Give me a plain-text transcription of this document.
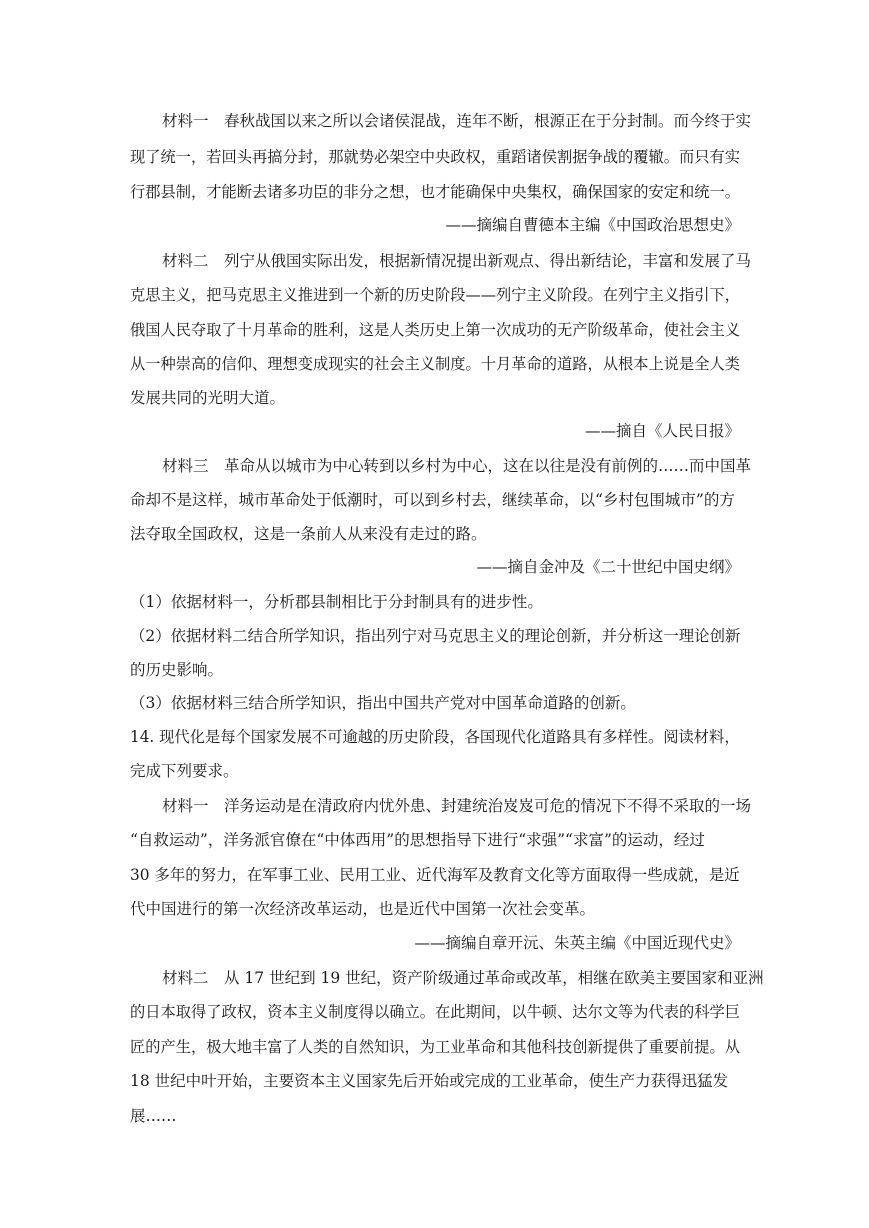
材料一　春秋战国以来之所以会诸侯混战，连年不断，根源正在于分封制。而今终于实
现了统一，若回头再搞分封，那就势必架空中央政权，重蹈诸侯割据争战的覆辙。而只有实
行郡县制，才能断去诸多功臣的非分之想，也才能确保中央集权，确保国家的安定和统一。
——摘编自曹德本主编《中国政治思想史》
材料二　列宁从俄国实际出发，根据新情况提出新观点、得出新结论，丰富和发展了马
克思主义，把马克思主义推进到一个新的历史阶段——列宁主义阶段。在列宁主义指引下，
俄国人民夺取了十月革命的胜利，这是人类历史上第一次成功的无产阶级革命，使社会主义
从一种崇高的信仰、理想变成现实的社会主义制度。十月革命的道路，从根本上说是全人类
发展共同的光明大道。
——摘自《人民日报》
材料三　革命从以城市为中心转到以乡村为中心，这在以往是没有前例的……而中国革
命却不是这样，城市革命处于低潮时，可以到乡村去，继续革命，以“乡村包围城市”的方
法夺取全国政权，这是一条前人从来没有走过的路。
——摘自金冲及《二十世纪中国史纲》
（1）依据材料一，分析郡县制相比于分封制具有的进步性。
（2）依据材料二结合所学知识，指出列宁对马克思主义的理论创新，并分析这一理论创新
的历史影响。
（3）依据材料三结合所学知识，指出中国共产党对中国革命道路的创新。
14. 现代化是每个国家发展不可逾越的历史阶段，各国现代化道路具有多样性。阅读材料，
完成下列要求。
材料一　洋务运动是在清政府内忧外患、封建统治岌岌可危的情况下不得不采取的一场
“自救运动”，洋务派官僚在“中体西用”的思想指导下进行“求强”“求富”的运动，经过
30 多年的努力，在军事工业、民用工业、近代海军及教育文化等方面取得一些成就，是近
代中国进行的第一次经济改革运动，也是近代中国第一次社会变革。
——摘编自章开沅、朱英主编《中国近现代史》
材料二　从 17 世纪到 19 世纪，资产阶级通过革命或改革，相继在欧美主要国家和亚洲
的日本取得了政权，资本主义制度得以确立。在此期间，以牛顿、达尔文等为代表的科学巨
匠的产生，极大地丰富了人类的自然知识，为工业革命和其他科技创新提供了重要前提。从
18 世纪中叶开始，主要资本主义国家先后开始或完成的工业革命，使生产力获得迅猛发
展……
